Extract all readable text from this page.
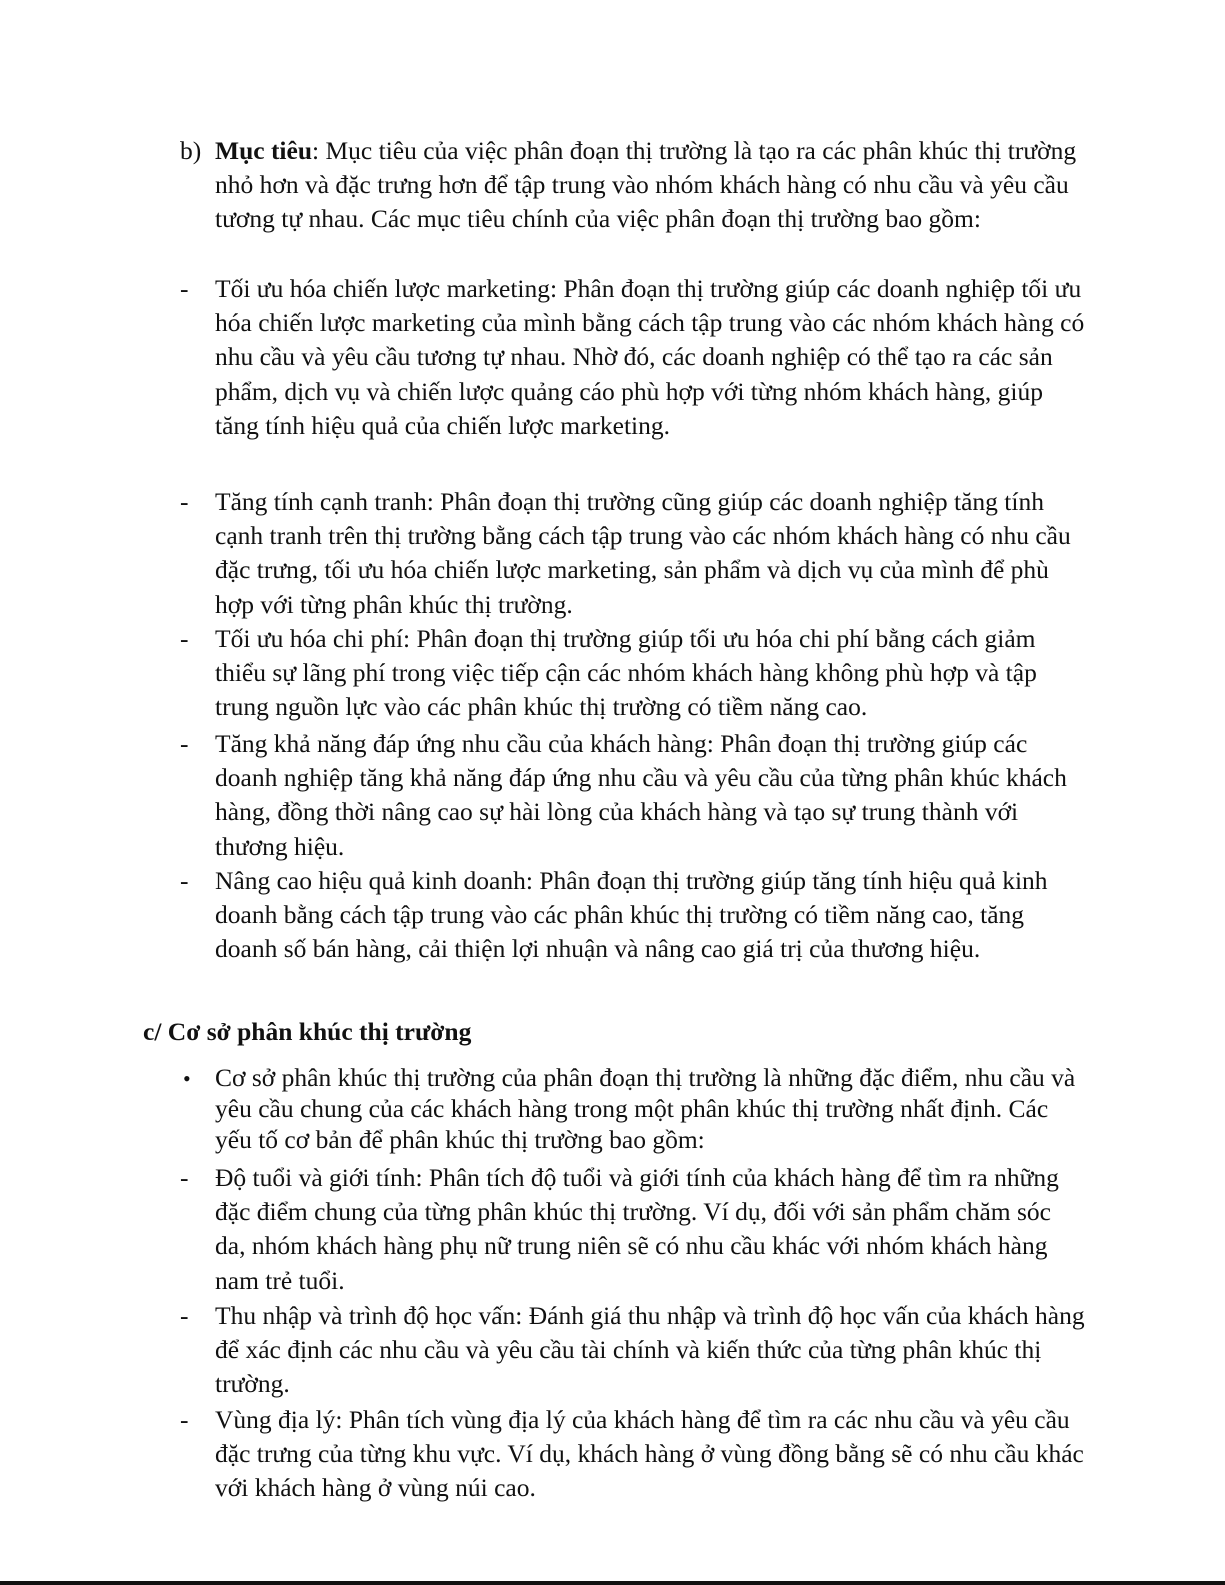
b) Mục tiêu: Mục tiêu của việc phân đoạn thị trường là tạo ra các phân khúc thị trường nhỏ hơn và đặc trưng hơn để tập trung vào nhóm khách hàng có nhu cầu và yêu cầu tương tự nhau. Các mục tiêu chính của việc phân đoạn thị trường bao gồm:

- Tối ưu hóa chiến lược marketing: Phân đoạn thị trường giúp các doanh nghiệp tối ưu hóa chiến lược marketing của mình bằng cách tập trung vào các nhóm khách hàng có nhu cầu và yêu cầu tương tự nhau. Nhờ đó, các doanh nghiệp có thể tạo ra các sản phẩm, dịch vụ và chiến lược quảng cáo phù hợp với từng nhóm khách hàng, giúp tăng tính hiệu quả của chiến lược marketing.

- Tăng tính cạnh tranh: Phân đoạn thị trường cũng giúp các doanh nghiệp tăng tính cạnh tranh trên thị trường bằng cách tập trung vào các nhóm khách hàng có nhu cầu đặc trưng, tối ưu hóa chiến lược marketing, sản phẩm và dịch vụ của mình để phù hợp với từng phân khúc thị trường.

- Tối ưu hóa chi phí: Phân đoạn thị trường giúp tối ưu hóa chi phí bằng cách giảm thiểu sự lãng phí trong việc tiếp cận các nhóm khách hàng không phù hợp và tập trung nguồn lực vào các phân khúc thị trường có tiềm năng cao.

- Tăng khả năng đáp ứng nhu cầu của khách hàng: Phân đoạn thị trường giúp các doanh nghiệp tăng khả năng đáp ứng nhu cầu và yêu cầu của từng phân khúc khách hàng, đồng thời nâng cao sự hài lòng của khách hàng và tạo sự trung thành với thương hiệu.

- Nâng cao hiệu quả kinh doanh: Phân đoạn thị trường giúp tăng tính hiệu quả kinh doanh bằng cách tập trung vào các phân khúc thị trường có tiềm năng cao, tăng doanh số bán hàng, cải thiện lợi nhuận và nâng cao giá trị của thương hiệu.

c/ Cơ sở phân khúc thị trường
• Cơ sở phân khúc thị trường của phân đoạn thị trường là những đặc điểm, nhu cầu và yêu cầu chung của các khách hàng trong một phân khúc thị trường nhất định. Các yếu tố cơ bản để phân khúc thị trường bao gồm:

- Độ tuổi và giới tính: Phân tích độ tuổi và giới tính của khách hàng để tìm ra những đặc điểm chung của từng phân khúc thị trường. Ví dụ, đối với sản phẩm chăm sóc da, nhóm khách hàng phụ nữ trung niên sẽ có nhu cầu khác với nhóm khách hàng nam trẻ tuổi.

- Thu nhập và trình độ học vấn: Đánh giá thu nhập và trình độ học vấn của khách hàng để xác định các nhu cầu và yêu cầu tài chính và kiến thức của từng phân khúc thị trường.

- Vùng địa lý: Phân tích vùng địa lý của khách hàng để tìm ra các nhu cầu và yêu cầu đặc trưng của từng khu vực. Ví dụ, khách hàng ở vùng đồng bằng sẽ có nhu cầu khác với khách hàng ở vùng núi cao.
